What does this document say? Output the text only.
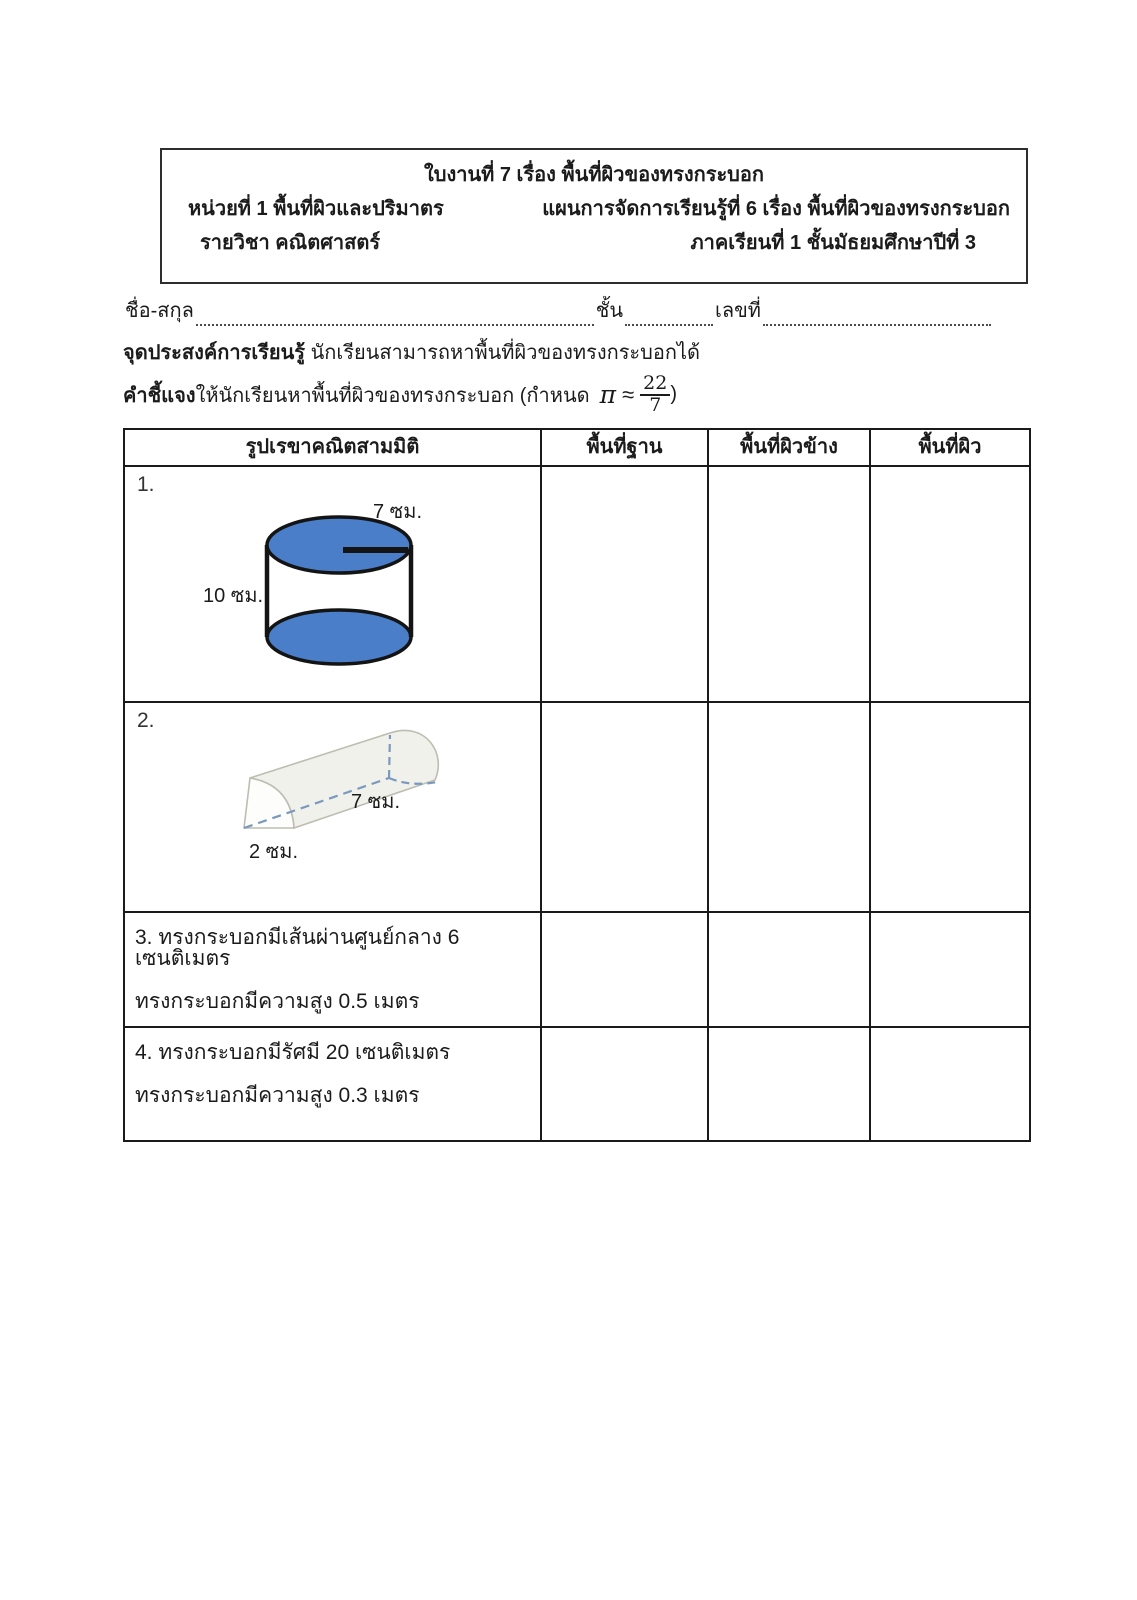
ใบงานที่ 7 เรื่อง พื้นที่ผิวของทรงกระบอก
หน่วยที่ 1 พื้นที่ผิวและปริมาตร	แผนการจัดการเรียนรู้ที่ 6 เรื่อง พื้นที่ผิวของทรงกระบอก
รายวิชา คณิตศาสตร์	ภาคเรียนที่ 1 ชั้นมัธยมศึกษาปีที่ 3
ชื่อ-สกุล	ชั้น	เลขที่
จุดประสงค์การเรียนรู้ นักเรียนสามารถหาพื้นที่ผิวของทรงกระบอกได้
คำชี้แจง ให้นักเรียนหาพื้นที่ผิวของทรงกระบอก (กำหนด $\pi \approx \frac{22}{7}$ )
รูปเรขาคณิตสามมิติ	พื้นที่ฐาน	พื้นที่ผิวข้าง	พื้นที่ผิว

1.
7 ซม.
10 ซม.			

2.
7 ซม.
2 ซม.			

3. ทรงกระบอกมีเส้นผ่านศูนย์กลาง 6 เซนติเมตร
ทรงกระบอกมีความสูง 0.5 เมตร			

4. ทรงกระบอกมีรัศมี 20 เซนติเมตร
ทรงกระบอกมีความสูง 0.3 เมตร			
